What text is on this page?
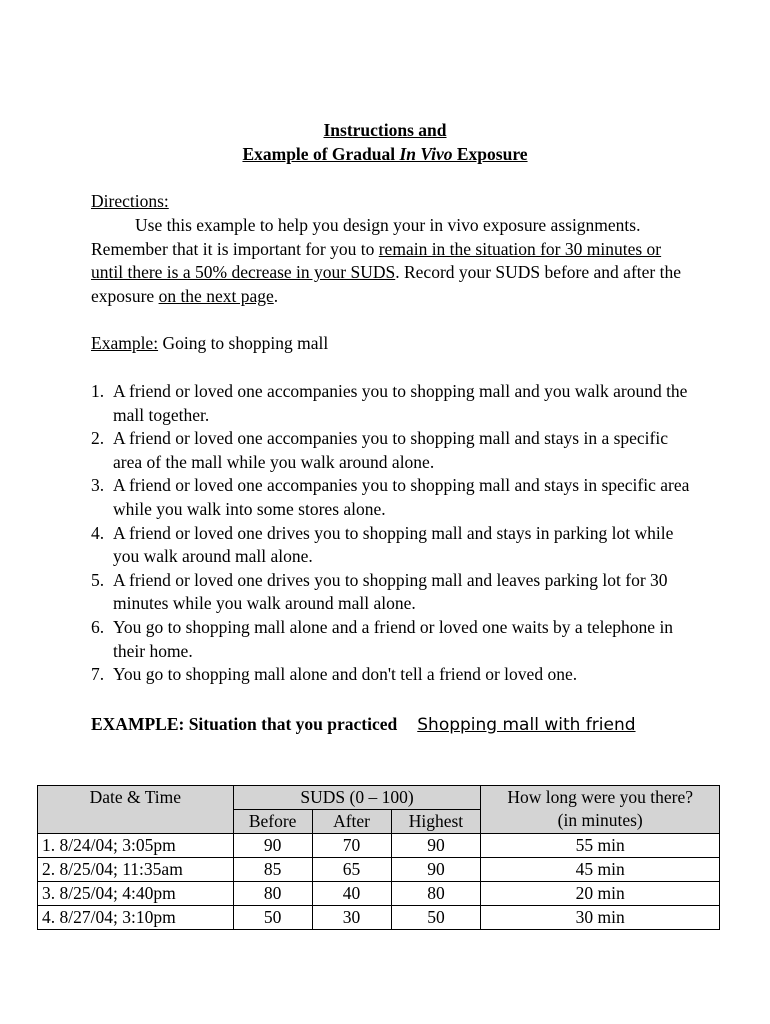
Instructions and
Example of Gradual In Vivo Exposure
Directions:
Use this example to help you design your in vivo exposure assignments. Remember that it is important for you to remain in the situation for 30 minutes or until there is a 50% decrease in your SUDS. Record your SUDS before and after the exposure on the next page.
Example: Going to shopping mall
1. A friend or loved one accompanies you to shopping mall and you walk around the mall together.
2. A friend or loved one accompanies you to shopping mall and stays in a specific area of the mall while you walk around alone.
3. A friend or loved one accompanies you to shopping mall and stays in specific area while you walk into some stores alone.
4. A friend or loved one drives you to shopping mall and stays in parking lot while you walk around mall alone.
5. A friend or loved one drives you to shopping mall and leaves parking lot for 30 minutes while you walk around mall alone.
6. You go to shopping mall alone and a friend or loved one waits by a telephone in their home.
7. You go to shopping mall alone and don't tell a friend or loved one.
EXAMPLE: Situation that you practiced Shopping mall with friend
Date & Time	SUDS (0 – 100)			How long were you there?
(in minutes)

	Before	After	Highest	
1. 8/24/04; 3:05pm	90	70	90	55 min
2. 8/25/04; 11:35am	85	65	90	45 min
3. 8/25/04; 4:40pm	80	40	80	20 min
4. 8/27/04; 3:10pm	50	30	50	30 min
